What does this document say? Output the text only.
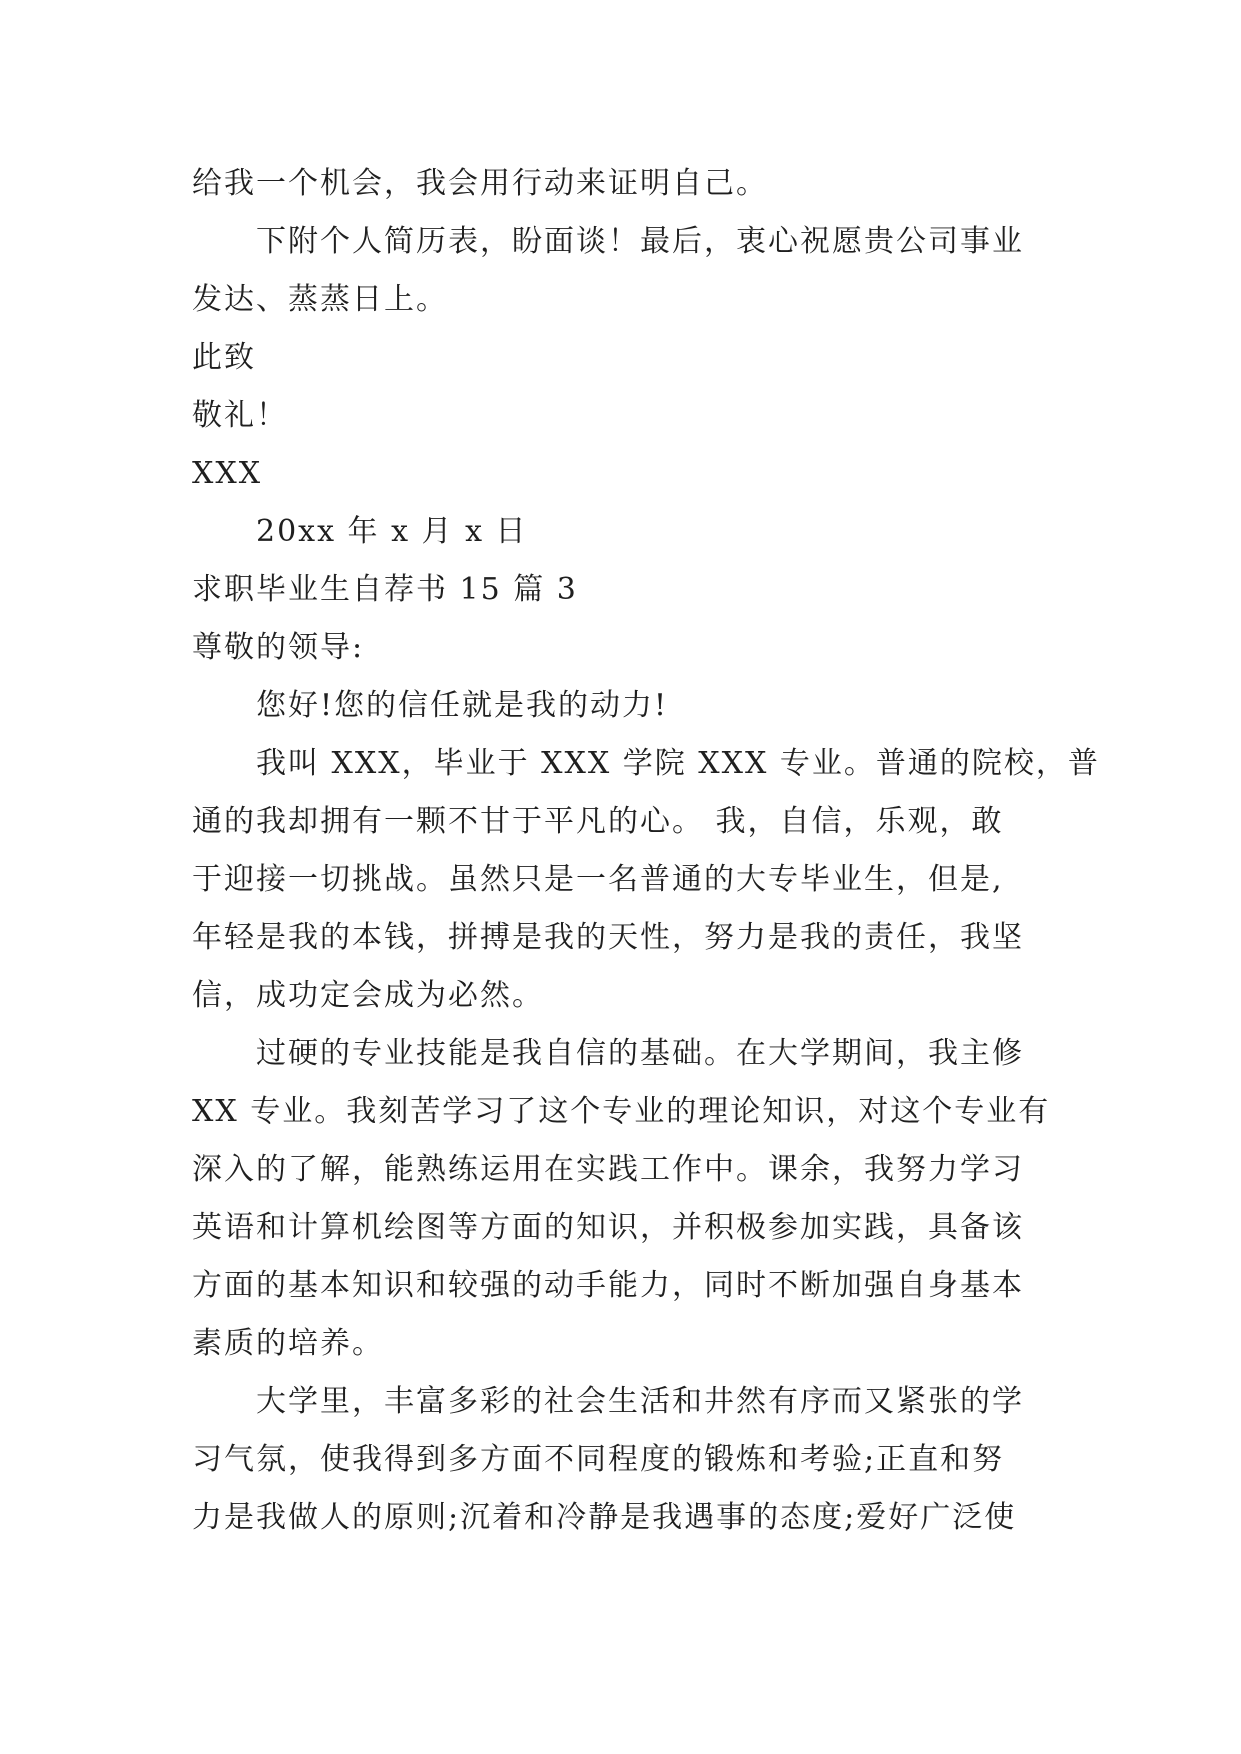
给我一个机会，我会用行动来证明自己。

下附个人简历表，盼面谈！最后，衷心祝愿贵公司事业

发达、蒸蒸日上。

此致

敬礼！

XXX

20xx 年 x 月 x 日

求职毕业生自荐书 15 篇 3

尊敬的领导:

您好!您的信任就是我的动力!

我叫 XXX，毕业于 XXX 学院 XXX 专业。普通的院校，普

通的我却拥有一颗不甘于平凡的心。 我，自信，乐观，敢

于迎接一切挑战。虽然只是一名普通的大专毕业生，但是,

年轻是我的本钱，拼搏是我的天性，努力是我的责任，我坚

信，成功定会成为必然。

过硬的专业技能是我自信的基础。在大学期间，我主修

XX 专业。我刻苦学习了这个专业的理论知识，对这个专业有

深入的了解，能熟练运用在实践工作中。课余，我努力学习

英语和计算机绘图等方面的知识，并积极参加实践，具备该

方面的基本知识和较强的动手能力，同时不断加强自身基本

素质的培养。

大学里，丰富多彩的社会生活和井然有序而又紧张的学

习气氛，使我得到多方面不同程度的锻炼和考验;正直和努

力是我做人的原则;沉着和冷静是我遇事的态度;爱好广泛使
